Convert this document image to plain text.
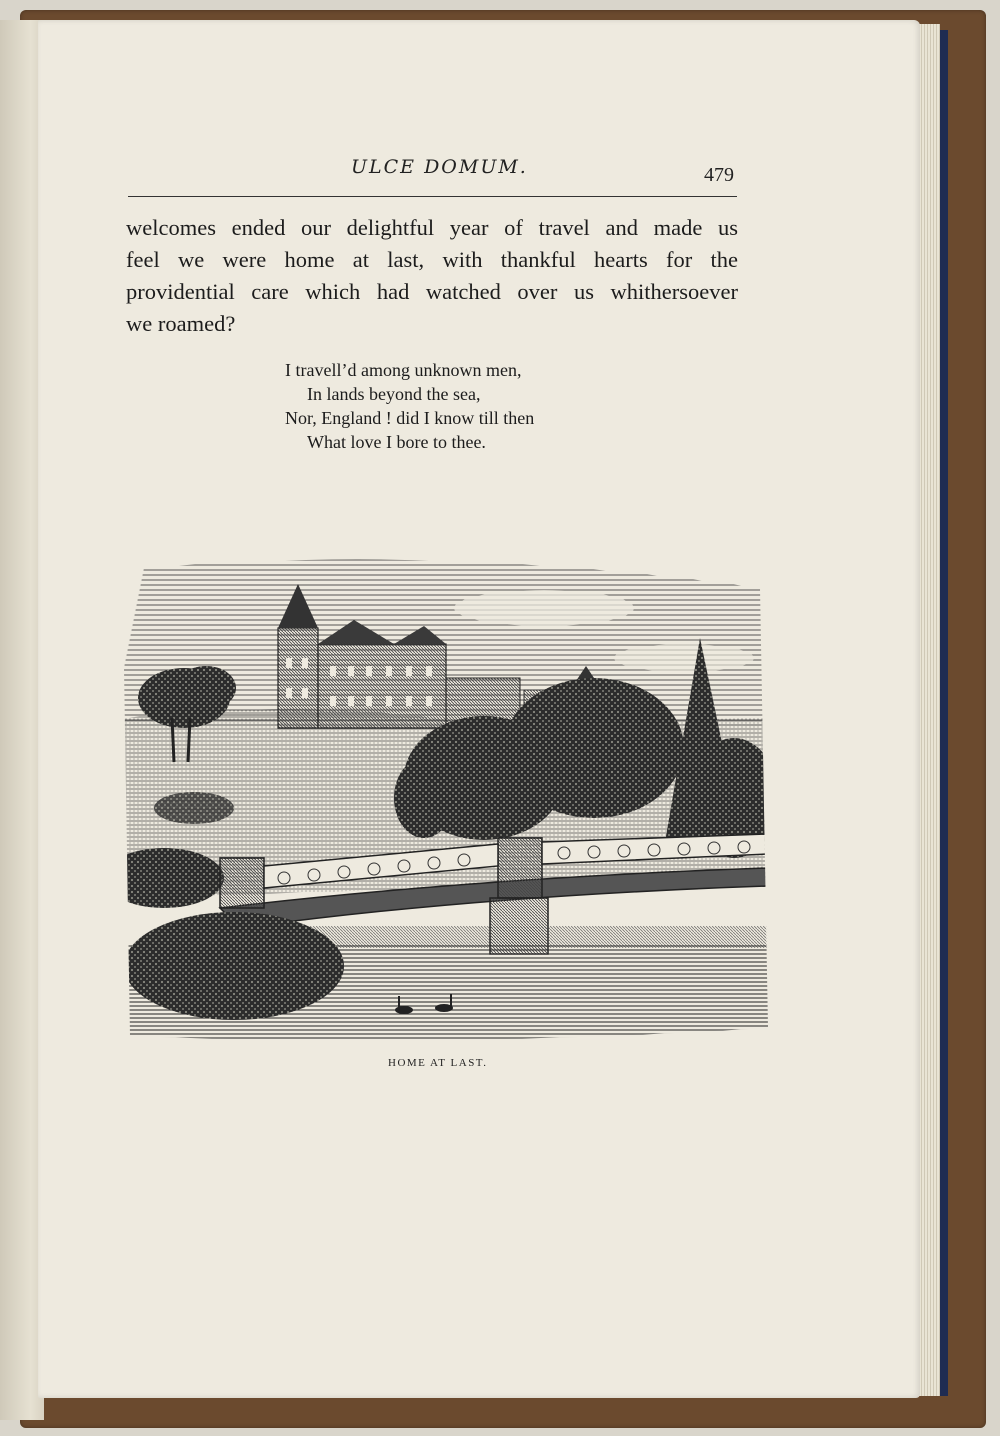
ULCE DOMUM.	479

welcomes ended our delightful year of travel and made us
feel we were home at last, with thankful hearts for the
providential care which had watched over us whithersoever
we roamed?

I travell’d among unknown men,
In lands beyond the sea,
Nor, England ! did I know till then
What love I bore to thee.
HOME AT LAST.
